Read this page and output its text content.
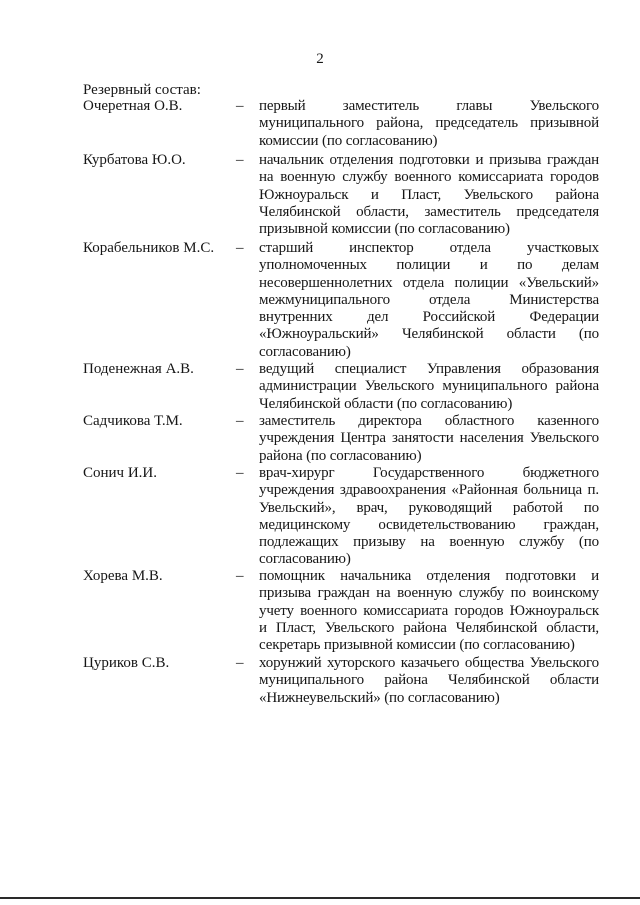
2
Резервный состав:
Очеретная О.В.	– первый заместитель главы Увельского муниципального района, председатель призывной комиссии (по согласованию)
Курбатова Ю.О.	– начальник отделения подготовки и призыва граждан на военную службу военного комиссариата городов Южноуральск и Пласт, Увельского района Челябинской области, заместитель председателя призывной комиссии (по согласованию)
Корабельников М.С. – старший инспектор отдела участковых уполномоченных полиции и по делам несовершеннолетних отдела полиции «Увельский» межмуниципального отдела Министерства внутренних дел Российской Федерации «Южноуральский» Челябинской области (по согласованию)
Поденежная А.В.	– ведущий специалист Управления образования администрации Увельского муниципального района Челябинской области (по согласованию)
Садчикова Т.М.	– заместитель директора областного казенного учреждения Центра занятости населения Увельского района (по согласованию)
Сонич И.И.	– врач-хирург Государственного бюджетного учреждения здравоохранения «Районная больница п. Увельский», врач, руководящий работой по медицинскому освидетельствованию граждан, подлежащих призыву на военную службу (по согласованию)
Хорева М.В.	– помощник начальника отделения подготовки и призыва граждан на военную службу по воинскому учету военного комиссариата городов Южноуральск и Пласт, Увельского района Челябинской области, секретарь призывной комиссии (по согласованию)
Цуриков С.В.	– хорунжий хуторского казачьего общества Увельского муниципального района Челябинской области «Нижнеувельский» (по согласованию)
